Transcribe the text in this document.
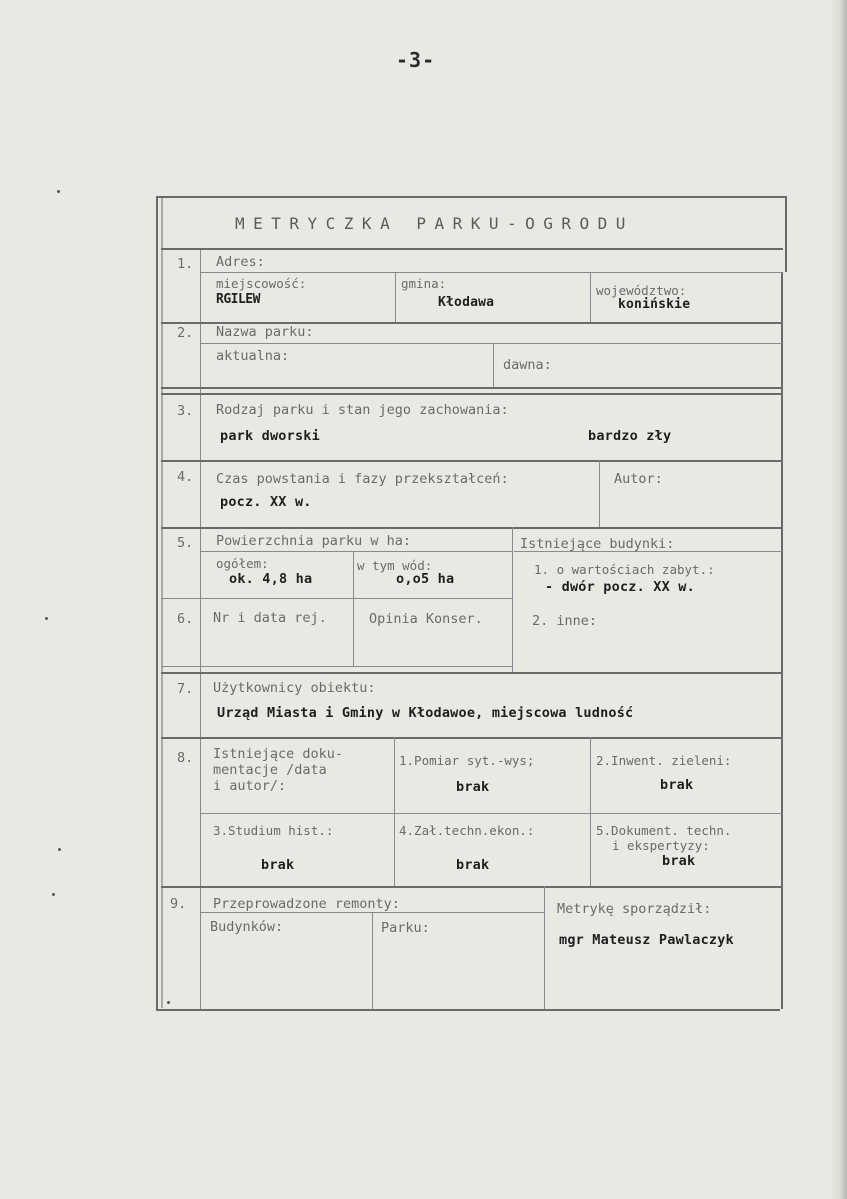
-3-
METRYCZKA PARKU-OGRODU
1. Adres:
miejscowość:
RGILEW
gmina:
Kłodawa
województwo:
konińskie
2. Nazwa parku:
aktualna:
dawna:
3. Rodzaj parku i stan jego zachowania:
park dworski	bardzo zły
4. Czas powstania i fazy przekształceń:
pocz. XX w.
Autor:
5. Powierzchnia parku w ha:
ogółem:
ok. 4,8 ha
w tym wód:
o,o5 ha
Istniejące budynki:
1. o wartościach zabyt.:
- dwór pocz. XX w.
2. inne:
6. Nr i data rej.	Opinia Konser.
7. Użytkownicy obiektu:
Urząd Miasta i Gminy w Kłodawoe, miejscowa ludność
8. Istniejące doku-
mentacje /data
i autor/:
1.Pomiar syt.-wys;
brak
2.Inwent. zieleni:
brak
3.Studium hist.:
brak
4.Zał.techn.ekon.:
brak
5.Dokument. techn.
i ekspertyzy:
brak
9. Przeprowadzone remonty:
Budynków:	Parku:
Metrykę sporządził:
mgr Mateusz Pawlaczyk
